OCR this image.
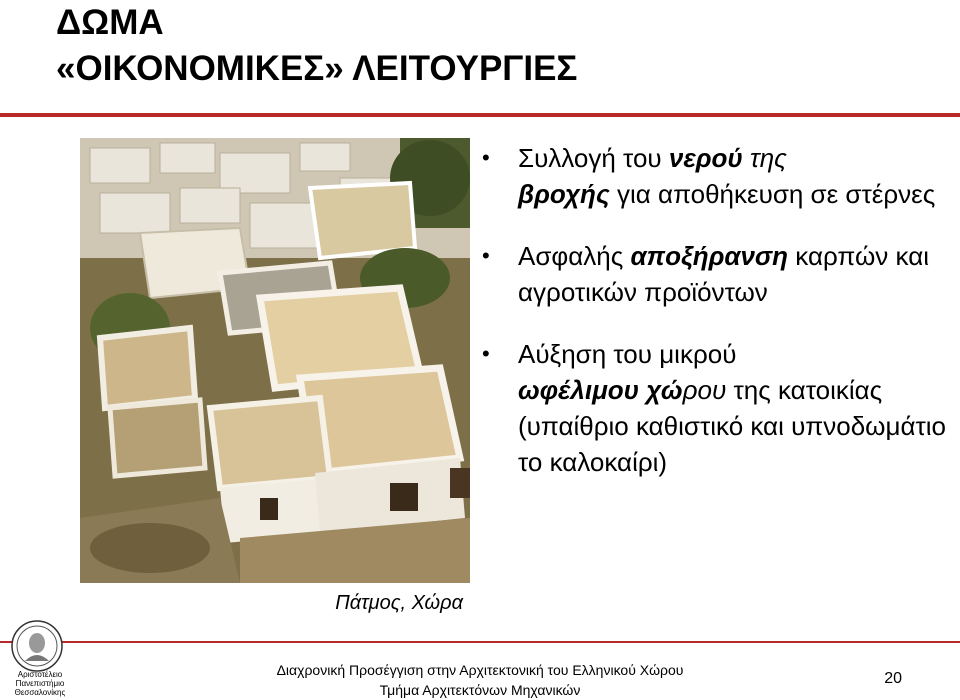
ΔΩΜΑ
«ΟΙΚΟΝΟΜΙΚΕΣ» ΛΕΙΤΟΥΡΓΙΕΣ
Πάτμος, Χώρα
• Συλλογή του νερού της
βροχής για αποθήκευση σε στέρνες
• Ασφαλής αποξήρανση καρπών και αγροτικών προϊόντων
• Αύξηση του μικρού
ωφέλιμου χώρου της κατοικίας (υπαίθριο καθιστικό και υπνοδωμάτιο το καλοκαίρι)
Αριστοτέλειο
Πανεπιστήμιο
Θεσσαλονίκης
Διαχρονική Προσέγγιση στην Αρχιτεκτονική του Ελληνικού Χώρου
Τμήμα Αρχιτεκτόνων Μηχανικών
20
